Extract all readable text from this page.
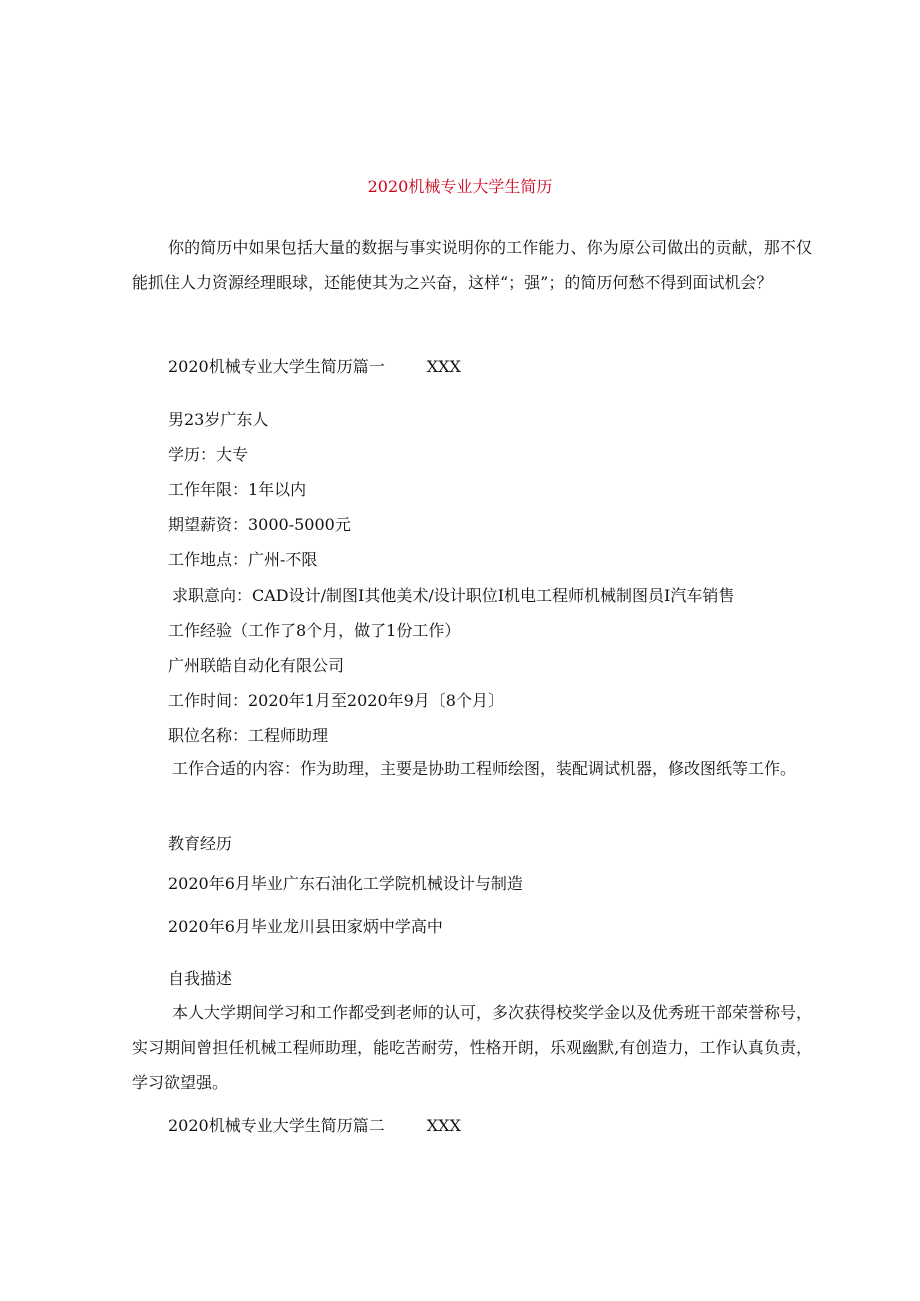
2020机械专业大学生简历
你的简历中如果包括大量的数据与事实说明你的工作能力、你为原公司做出的贡献，那不仅能抓住人力资源经理眼球，还能使其为之兴奋，这样“；强”；的简历何愁不得到面试机会？
2020机械专业大学生简历篇一	XXX
男23岁广东人
学历：大专
工作年限：1年以内
期望薪资：3000-5000元
工作地点：广州-不限
求职意向：CAD设计/制图I其他美术/设计职位I机电工程师机械制图员I汽车销售
工作经验（工作了8个月，做了1份工作）
广州联皓自动化有限公司
工作时间：2020年1月至2020年9月〔8个月〕
职位名称：工程师助理
工作合适的内容：作为助理，主要是协助工程师绘图，装配调试机器，修改图纸等工作。
教育经历
2020年6月毕业广东石油化工学院机械设计与制造
2020年6月毕业龙川县田家炳中学高中
自我描述
本人大学期间学习和工作都受到老师的认可，多次获得校奖学金以及优秀班干部荣誉称号，实习期间曾担任机械工程师助理，能吃苦耐劳，性格开朗，乐观幽默,有创造力，工作认真负责，学习欲望强。
2020机械专业大学生简历篇二	XXX
